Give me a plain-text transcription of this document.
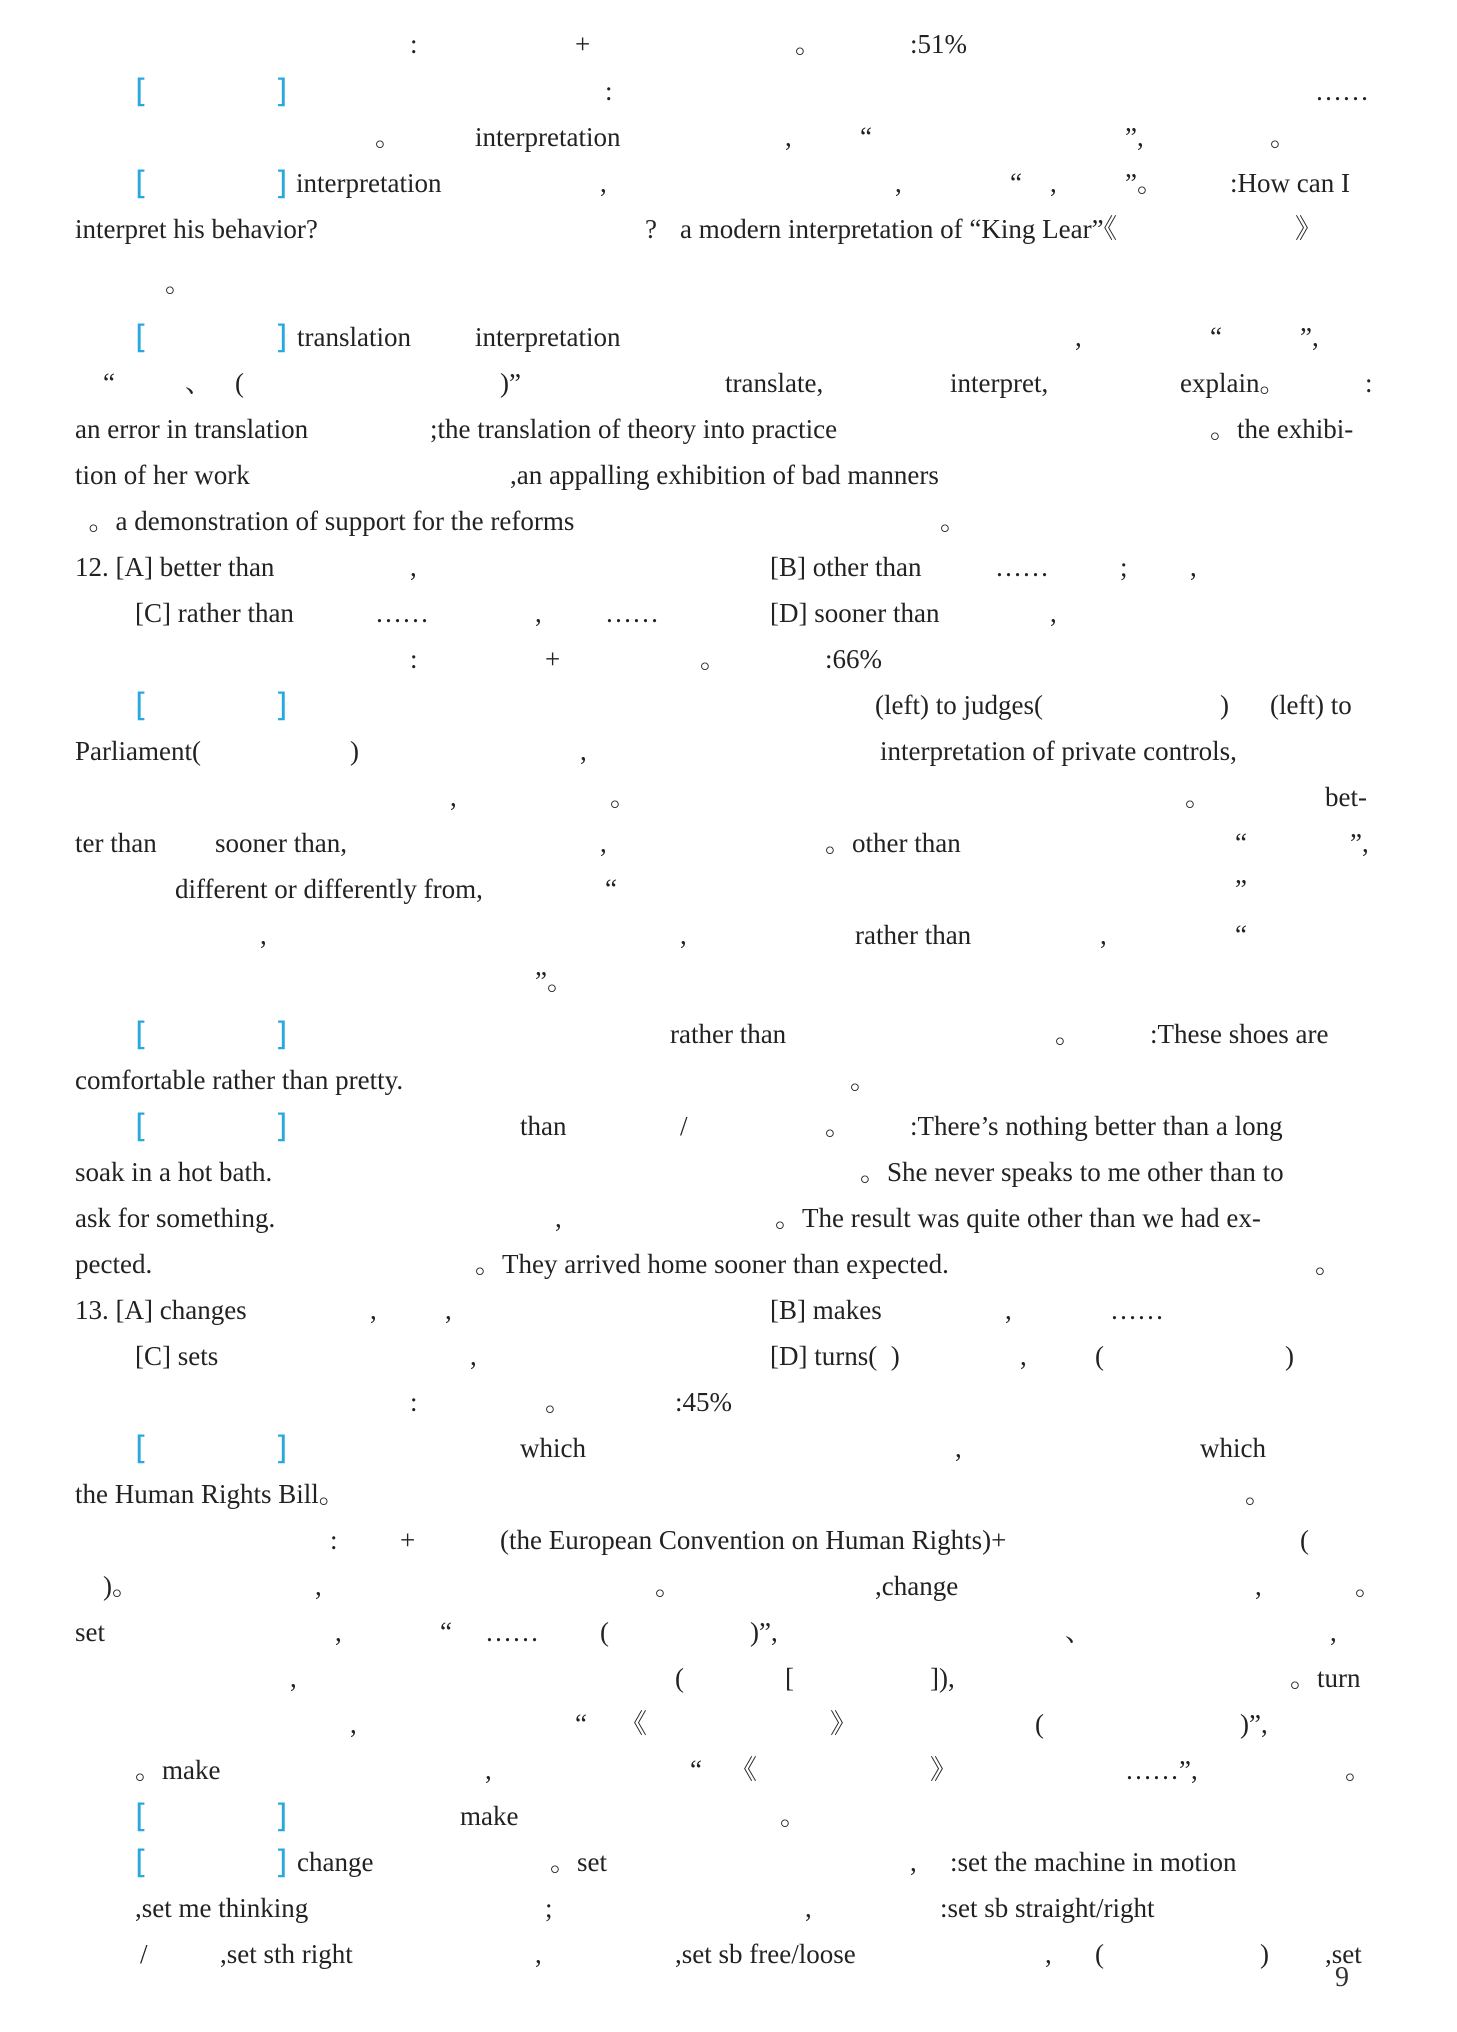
9
:	+	。	:51%
[	]	:	……
。	interpretation	,	“	”,	。
[	] interpretation	,	,	“ ,	”。 :How can I
interpret his behavior?	? a modern interpretation of “King Lear”《	》
。
[	] translation interpretation	,	“	”,
“	、 (	)”	translate,	interpret,	explain。	:
an error in translation	;the translation of theory into practice	。the exhibi-
tion of her work	,an appalling exhibition of bad manners
。a demonstration of support for the reforms	。
12. [A] better than	,	[B] other than	……	; ,
[C] rather than	……	, ……	[D] sooner than	,
:	+	。	:66%
[	]	(left) to judges(	) (left) to
Parliament(	)	,	interpretation of private controls,
,	。	。	bet-
ter than sooner than,	,	。other than	“	”,
different or differently from,	“	”
,	,	rather than	,	“
”。
[	]	rather than	。	:These shoes are
comfortable rather than pretty.	。
[	]	than	/	。 :There’s nothing better than a long
soak in a hot bath.	。She never speaks to me other than to
ask for something.	,	。The result was quite other than we had ex-
pected.	。They arrived home sooner than expected.	。
13. [A] changes	,	,	[B] makes	,	……
[C] sets	,	[D] turns(  )	,	(	)
:	。	:45%
[	]	which	,	which
the Human Rights Bill。	。
: +	(the European Convention on Human Rights)+	(
)。	,	。	,change	,	。
set	,	“ …… (	)”,	、	,
,	(	[	]),	。turn
,	“ 《	》	(	)”,
。make	,	“ 《	》	……”,	。
[	]	make	。
[	] change	。set	, :set the machine in motion
,set me thinking	;	,	:set sb straight/right
/	,set sth right	,	,set sb free/loose	, (	) ,set
